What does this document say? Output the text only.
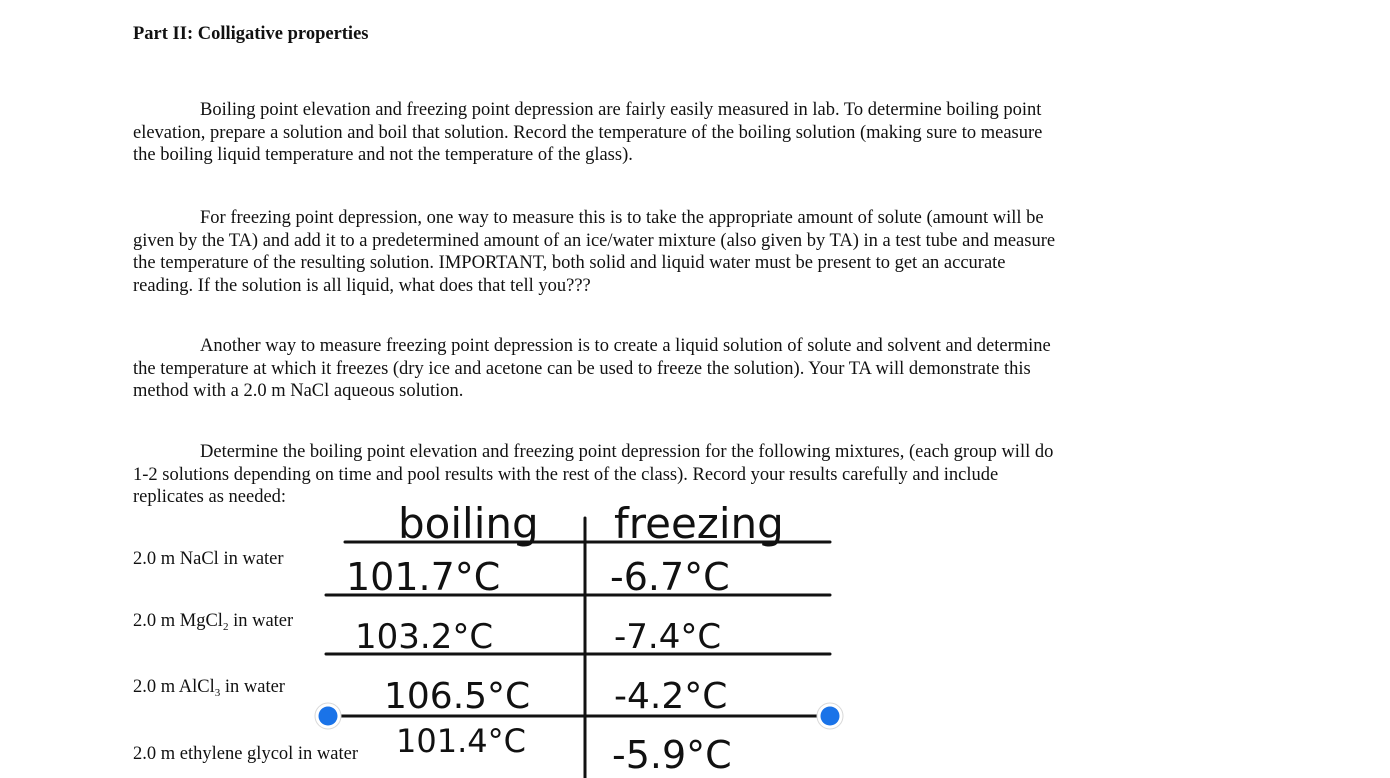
Part II: Colligative properties

Boiling point elevation and freezing point depression are fairly easily measured in lab. To determine boiling point elevation, prepare a solution and boil that solution. Record the temperature of the boiling solution (making sure to measure the boiling liquid temperature and not the temperature of the glass).

For freezing point depression, one way to measure this is to take the appropriate amount of solute (amount will be given by the TA) and add it to a predetermined amount of an ice/water mixture (also given by TA) in a test tube and measure the temperature of the resulting solution. IMPORTANT, both solid and liquid water must be present to get an accurate reading. If the solution is all liquid, what does that tell you???

Another way to measure freezing point depression is to create a liquid solution of solute and solvent and determine the temperature at which it freezes (dry ice and acetone can be used to freeze the solution). Your TA will demonstrate this method with a 2.0 m NaCl aqueous solution.

Determine the boiling point elevation and freezing point depression for the following mixtures, (each group will do 1-2 solutions depending on time and pool results with the rest of the class). Record your results carefully and include replicates as needed:

2.0 m NaCl in water
2.0 m MgCl$_2$ in water
2.0 m AlCl$_3$ in water
2.0 m ethylene glycol in water
boiling freezing
101.7°C	-6.7°C
103.2°C	-7.4°C
106.5°C -4.2°C
101.4°C -5.9°C
